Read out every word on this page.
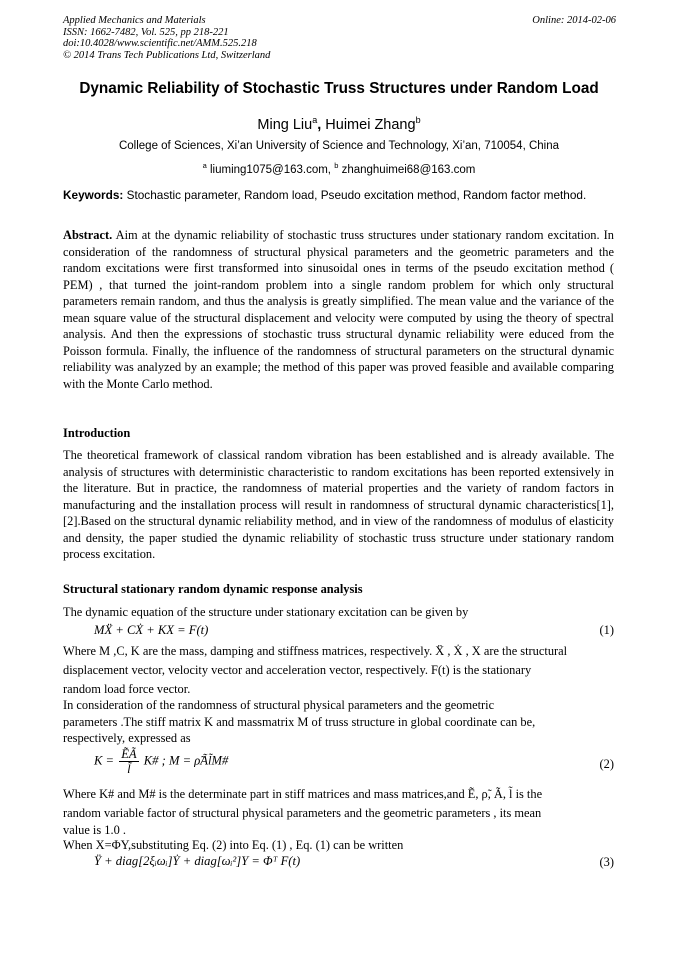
Applied Mechanics and Materials
ISSN: 1662-7482, Vol. 525, pp 218-221
doi:10.4028/www.scientific.net/AMM.525.218
© 2014 Trans Tech Publications Ltd, Switzerland
Online: 2014-02-06
Dynamic Reliability of Stochastic Truss Structures under Random Load
Ming Liu$^a$, Huimei Zhang$^b$
College of Sciences, Xi’an University of Science and Technology, Xi’an, 710054, China
$^a$ liuming1075@163.com, $^b$ zhanghuimei68@163.com
Keywords: Stochastic parameter, Random load, Pseudo excitation method, Random factor method.
Abstract. Aim at the dynamic reliability of stochastic truss structures under stationary random excitation. In consideration of the randomness of structural physical parameters and the geometric parameters and the random excitations were first transformed into sinusoidal ones in terms of the pseudo excitation method ( PEM) , that turned the joint-random problem into a single random problem for which only structural parameters remain random, and thus the analysis is greatly simplified. The mean value and the variance of the mean square value of the structural displacement and velocity were computed by using the theory of spectral analysis. And then the expressions of stochastic truss structural dynamic reliability were educed from the Poisson formula. Finally, the influence of the randomness of structural parameters on the structural dynamic reliability was analyzed by an example; the method of this paper was proved feasible and available comparing with the Monte Carlo method.
Introduction
The theoretical framework of classical random vibration has been established and is already available. The analysis of structures with deterministic characteristic to random excitations has been reported extensively in the literature. But in practice, the randomness of material properties and the variety of random factors in manufacturing and the installation process will result in randomness of structural dynamic characteristics[1], [2].Based on the structural dynamic reliability method, and in view of the randomness of modulus of elasticity and density, the paper studied the dynamic reliability of stochastic truss structure under stationary random process excitation.
Structural stationary random dynamic response analysis
The dynamic equation of the structure under stationary excitation can be given by
MẌ + CẊ + KX = F(t)	(1)
Where M ,C, K are the mass, damping and stiffness matrices, respectively. Ẍ , Ẋ , X are the structural
displacement vector, velocity vector and acceleration vector, respectively. F(t) is the stationary
random load force vector.
In consideration of the randomness of structural physical parameters and the geometric
parameters .The stiff matrix K and massmatrix M of truss structure in global coordinate can be,
respectively, expressed as
$K = \frac{\text{ẼÃ}}{l̃}$ K# ; M = ρ̃Ãl̃M#	(2)
Where K# and M# is the determinate part in stiff matrices and mass matrices,and Ẽ, ρ̃, Ã, l̃ is the
random variable factor of structural physical parameters and the geometric parameters , its mean
value is 1.0 .
When X=ΦY,substituting Eq. (2) into Eq. (1) , Eq. (1) can be written
Ÿ + diag[2ξᵢωᵢ]Ẏ + diag[ωᵢ²]Y = Φᵀ F(t)	(3)
